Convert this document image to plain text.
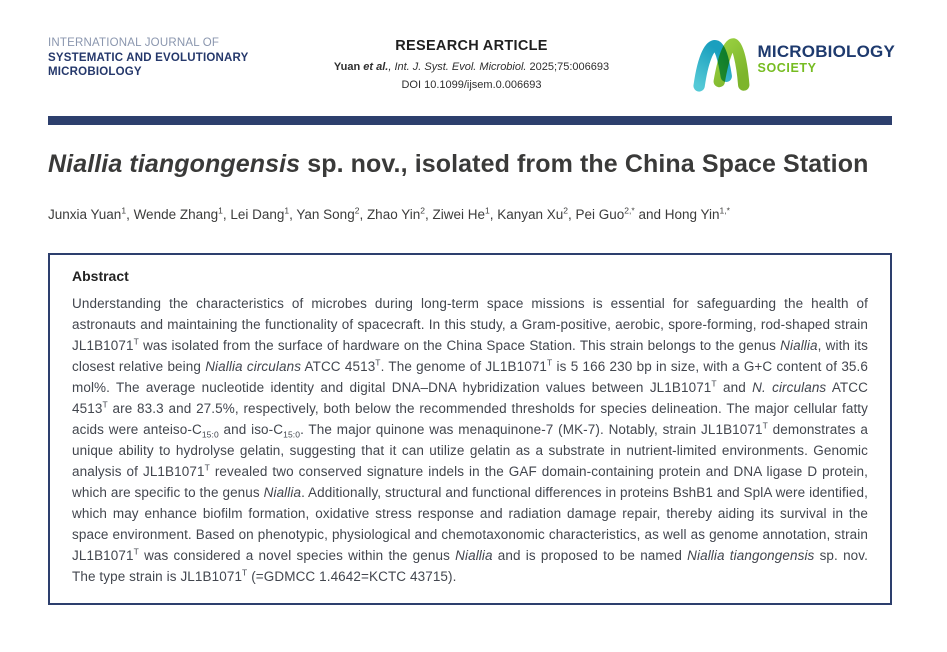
INTERNATIONAL JOURNAL OF
SYSTEMATIC AND EVOLUTIONARY
MICROBIOLOGY
RESEARCH ARTICLE
Yuan et al., Int. J. Syst. Evol. Microbiol. 2025;75:006693
DOI 10.1099/ijsem.0.006693
MICROBIOLOGY
SOCIETY
Niallia tiangongensis sp. nov., isolated from the China Space Station

Junxia Yuan$^1$, Wende Zhang$^1$, Lei Dang$^1$, Yan Song$^2$, Zhao Yin$^2$, Ziwei He$^1$, Kanyan Xu$^2$, Pei Guo$^{2,*}$ and Hong Yin$^{1,*}$

Abstract

Understanding the characteristics of microbes during long-term space missions is essential for safeguarding the health of astronauts and maintaining the functionality of spacecraft. In this study, a Gram-positive, aerobic, spore-forming, rod-shaped strain $JL1B1071^T$ was isolated from the surface of hardware on the China Space Station. This strain belongs to the genus Niallia, with its closest relative being Niallia circulans ATCC $4513^T$. The genome of $JL1B1071^T$ is 5 166 230 bp in size, with a G+C content of 35.6 mol%. The average nucleotide identity and digital DNA–DNA hybridization values between $JL1B1071^T$ and N. circulans ATCC $4513^T$ are 83.3 and 27.5%, respectively, both below the recommended thresholds for species delineation. The major cellular fatty acids were anteiso-$C_{15:0}$ and iso-$C_{15:0}$. The major quinone was menaquinone-7 (MK-7). Notably, strain $JL1B1071^T$ demonstrates a unique ability to hydrolyse gelatin, suggesting that it can utilize gelatin as a substrate in nutrient-limited environments. Genomic analysis of $JL1B1071^T$ revealed two conserved signature indels in the GAF domain-containing protein and DNA ligase D protein, which are specific to the genus Niallia. Additionally, structural and functional differences in proteins BshB1 and SplA were identified, which may enhance biofilm formation, oxidative stress response and radiation damage repair, thereby aiding its survival in the space environment. Based on phenotypic, physiological and chemotaxonomic characteristics, as well as genome annotation, strain $JL1B1071^T$ was considered a novel species within the genus Niallia and is proposed to be named Niallia tiangongensis sp. nov. The type strain is $JL1B1071^T$ (=GDMCC 1.4642=KCTC 43715).
